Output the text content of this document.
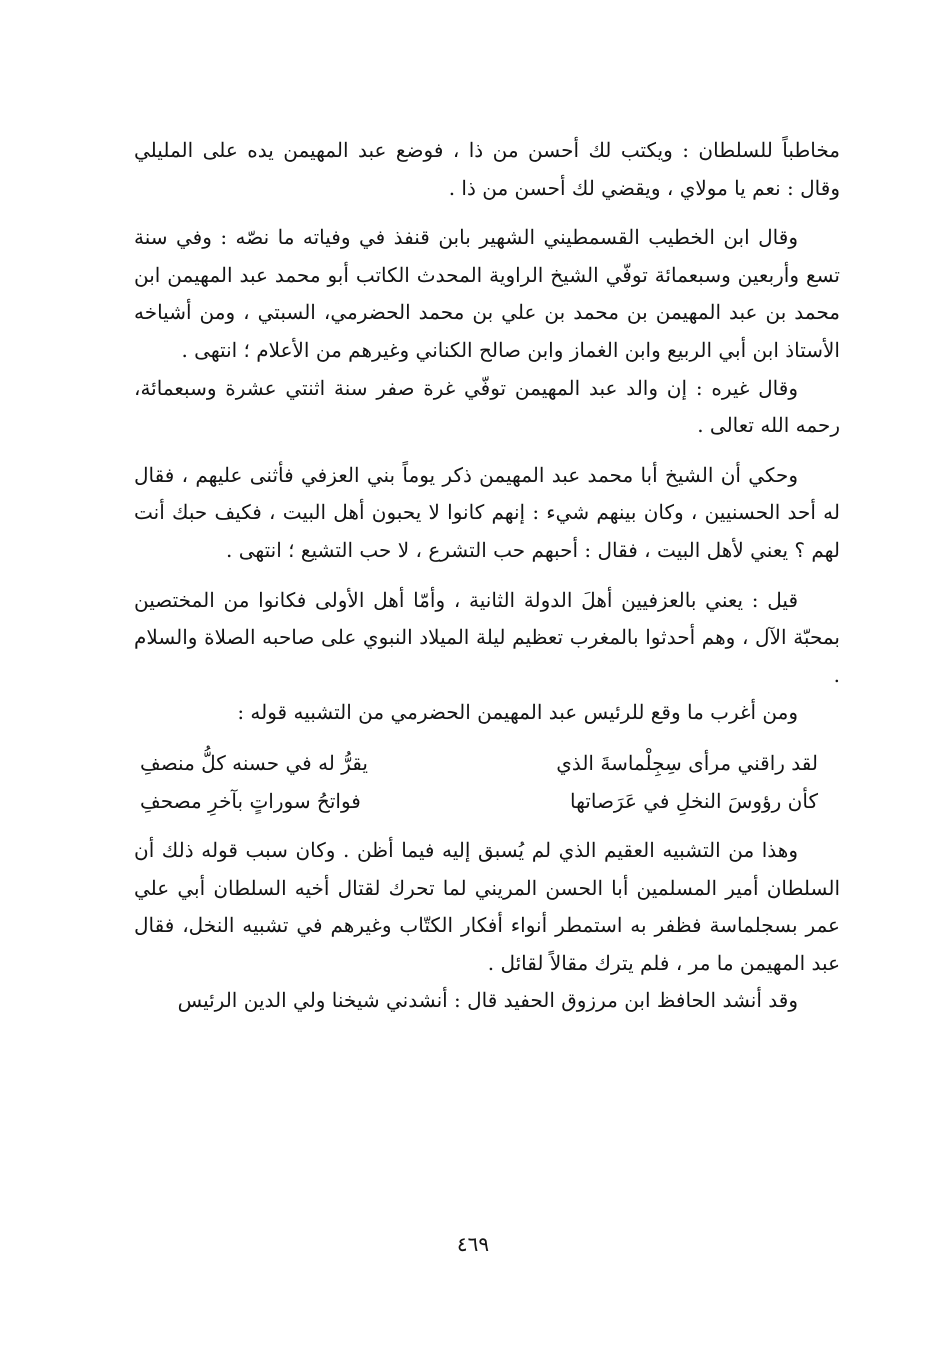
مخاطباً للسلطان : ويكتب لك أحسن من ذا ، فوضع عبد المهيمن يده على المليلي وقال : نعم يا مولاي ، ويقضي لك أحسن من ذا .

وقال ابن الخطيب القسمطيني الشهير بابن قنفذ في وفياته ما نصّه : وفي سنة تسع وأربعين وسبعمائة توفّي الشيخ الراوية المحدث الكاتب أبو محمد عبد المهيمن ابن محمد بن عبد المهيمن بن محمد بن علي بن محمد الحضرمي، السبتي ، ومن أشياخه الأستاذ ابن أبي الربيع وابن الغماز وابن صالح الكناني وغيرهم من الأعلام ؛ انتهى .

وقال غيره : إن والد عبد المهيمن توفّي غرة صفر سنة اثنتي عشرة وسبعمائة، رحمه الله تعالى .

وحكي أن الشيخ أبا محمد عبد المهيمن ذكر يوماً بني العزفي فأثنى عليهم ، فقال له أحد الحسنيين ، وكان بينهم شيء : إنهم كانوا لا يحبون أهل البيت ، فكيف حبك أنت لهم ؟ يعني لأهل البيت ، فقال : أحبهم حب التشرع ، لا حب التشيع ؛ انتهى .

قيل : يعني بالعزفيين أهلَ الدولة الثانية ، وأمّا أهل الأولى فكانوا من المختصين بمحبّة الآل ، وهم أحدثوا بالمغرب تعظيم ليلة الميلاد النبوي على صاحبه الصلاة والسلام .

ومن أغرب ما وقع للرئيس عبد المهيمن الحضرمي من التشبيه قوله :

لقد راقني مرأى سِجِلْماسةَ الذي
يقرُّ له في حسنه كلُّ منصفِ
كأن رؤوسَ النخلِ في عَرَصاتها
فواتحُ سوراتٍ بآخرِ مصحفِ

وهذا من التشبيه العقيم الذي لم يُسبق إليه فيما أظن . وكان سبب قوله ذلك أن السلطان أمير المسلمين أبا الحسن المريني لما تحرك لقتال أخيه السلطان أبي علي عمر بسجلماسة فظفر به استمطر أنواء أفكار الكتّاب وغيرهم في تشبيه النخل، فقال عبد المهيمن ما مر ، فلم يترك مقالاً لقائل .

وقد أنشد الحافظ ابن مرزوق الحفيد قال : أنشدني شيخنا ولي الدين الرئيس

٤٦٩
